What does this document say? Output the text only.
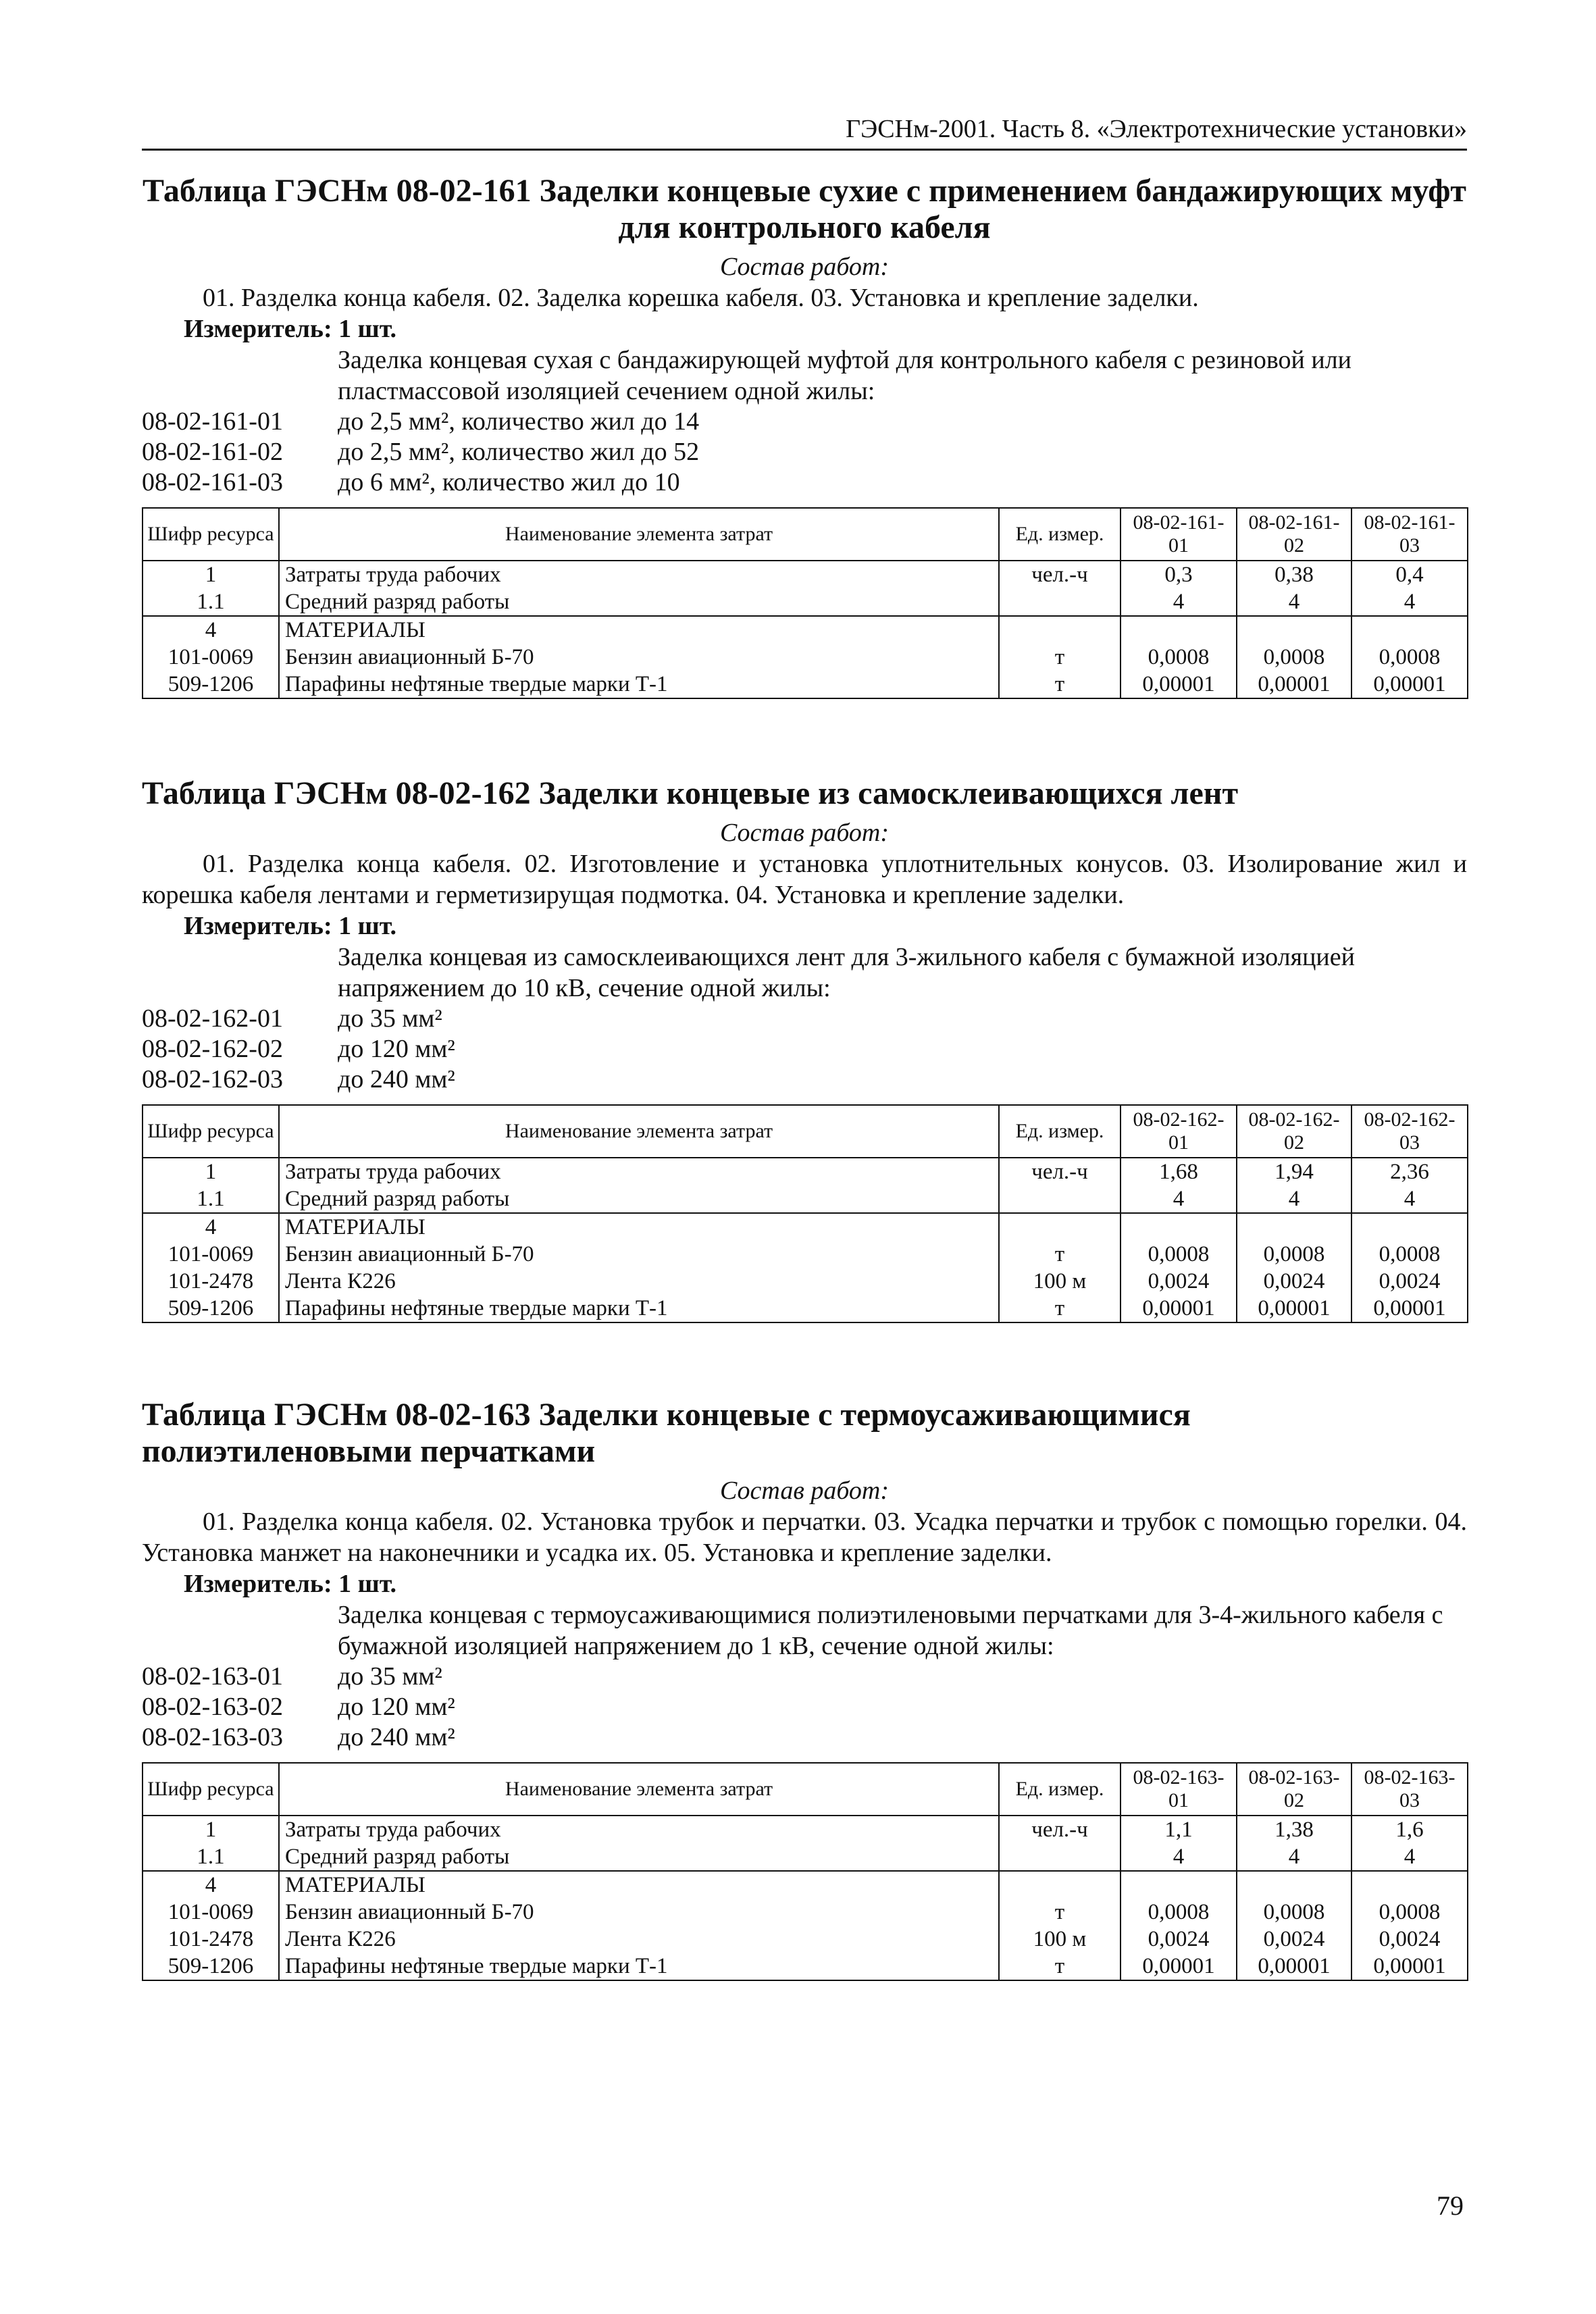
ГЭСНм-2001. Часть 8. «Электротехнические установки»

Таблица ГЭСНм 08-02-161 Заделки концевые сухие с применением бандажирующих муфт для контрольного кабеля

Состав работ:

01. Разделка конца кабеля. 02. Заделка корешка кабеля. 03. Установка и крепление заделки.

Измеритель: 1 шт.

Заделка концевая сухая с бандажирующей муфтой для контрольного кабеля с резиновой или пластмассовой изоляцией сечением одной жилы:

08-02-161-01	до 2,5 мм², количество жил до 14
08-02-161-02	до 2,5 мм², количество жил до 52
08-02-161-03	до 6 мм², количество жил до 10
Шифр ресурса	Наименование элемента затрат	Ед. измер.	08-02-161-01	08-02-161-02	08-02-161-03
1	Затраты труда рабочих	чел.-ч	0,3	0,38	0,4
1.1	Средний разряд работы		4	4	4
4	МАТЕРИАЛЫ				
101-0069	Бензин авиационный Б-70	т	0,0008	0,0008	0,0008
509-1206	Парафины нефтяные твердые марки Т-1	т	0,00001	0,00001	0,00001

Таблица ГЭСНм 08-02-162 Заделки концевые из самосклеивающихся лент

Состав работ:

01. Разделка конца кабеля. 02. Изготовление и установка уплотнительных конусов. 03. Изолирование жил и корешка кабеля лентами и герметизирущая подмотка. 04. Установка и крепление заделки.

Измеритель: 1 шт.

Заделка концевая из самосклеивающихся лент для 3-жильного кабеля с бумажной изоляцией напряжением до 10 кВ, сечение одной жилы:

08-02-162-01	до 35 мм²
08-02-162-02	до 120 мм²
08-02-162-03	до 240 мм²
Шифр ресурса	Наименование элемента затрат	Ед. измер.	08-02-162-01	08-02-162-02	08-02-162-03
1	Затраты труда рабочих	чел.-ч	1,68	1,94	2,36
1.1	Средний разряд работы		4	4	4
4	МАТЕРИАЛЫ				
101-0069	Бензин авиационный Б-70	т	0,0008	0,0008	0,0008
101-2478	Лента К226	100 м	0,0024	0,0024	0,0024
509-1206	Парафины нефтяные твердые марки Т-1	т	0,00001	0,00001	0,00001

Таблица ГЭСНм 08-02-163 Заделки концевые с термоусаживающимися полиэтиленовыми перчатками

Состав работ:

01. Разделка конца кабеля. 02. Установка трубок и перчатки. 03. Усадка перчатки и трубок с помощью горелки. 04. Установка манжет на наконечники и усадка их. 05. Установка и крепление заделки.

Измеритель: 1 шт.

Заделка концевая с термоусаживающимися полиэтиленовыми перчатками для 3-4-жильного кабеля с бумажной изоляцией напряжением до 1 кВ, сечение одной жилы:

08-02-163-01	до 35 мм²
08-02-163-02	до 120 мм²
08-02-163-03	до 240 мм²
Шифр ресурса	Наименование элемента затрат	Ед. измер.	08-02-163-01	08-02-163-02	08-02-163-03
1	Затраты труда рабочих	чел.-ч	1,1	1,38	1,6
1.1	Средний разряд работы		4	4	4
4	МАТЕРИАЛЫ				
101-0069	Бензин авиационный Б-70	т	0,0008	0,0008	0,0008
101-2478	Лента К226	100 м	0,0024	0,0024	0,0024
509-1206	Парафины нефтяные твердые марки Т-1	т	0,00001	0,00001	0,00001
79
